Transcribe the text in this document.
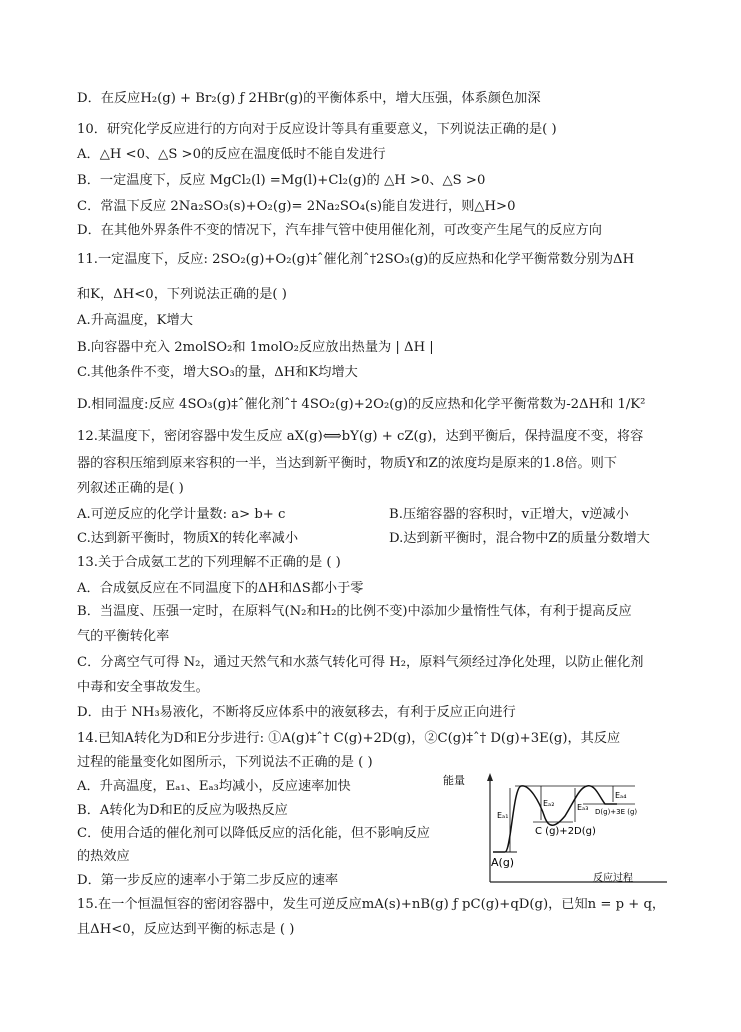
D．在反应H₂(g) + Br₂(g) ƒ 2HBr(g)的平衡体系中，增大压强，体系颜色加深
10．研究化学反应进行的方向对于反应设计等具有重要意义，下列说法正确的是( )
A．△H <0、△S >0的反应在温度低时不能自发进行
B．一定温度下，反应 MgCl₂(l) =Mg(l)+Cl₂(g)的 △H >0、△S >0
C．常温下反应 2Na₂SO₃(s)+O₂(g)= 2Na₂SO₄(s)能自发进行，则△H>0
D．在其他外界条件不变的情况下，汽车排气管中使用催化剂，可改变产生尾气的反应方向
11.一定温度下，反应: 2SO₂(g)+O₂(g)‡ˆ催化剂ˆ†2SO₃(g)的反应热和化学平衡常数分别为ΔH
和K，ΔH<0，下列说法正确的是( )
A.升高温度，K增大
B.向容器中充入 2molSO₂和 1molO₂反应放出热量为 | ΔH |
C.其他条件不变，增大SO₃的量，ΔH和K均增大
D.相同温度:反应 4SO₃(g)‡ˆ催化剂ˆ† 4SO₂(g)+2O₂(g)的反应热和化学平衡常数为-2ΔH和 1/K²
12.某温度下，密闭容器中发生反应 aX(g)⟺bY(g) + cZ(g)，达到平衡后，保持温度不变，将容
器的容积压缩到原来容积的一半，当达到新平衡时，物质Y和Z的浓度均是原来的1.8倍。则下
列叙述正确的是( )
A.可逆反应的化学计量数: a> b+ c
C.达到新平衡时，物质X的转化率减小
13.关于合成氨工艺的下列理解不正确的是 ( )
A．合成氨反应在不同温度下的ΔH和ΔS都小于零
B．当温度、压强一定时，在原料气(N₂和H₂的比例不变)中添加少量惰性气体，有利于提高反应
气的平衡转化率
C．分离空气可得 N₂，通过天然气和水蒸气转化可得 H₂，原料气须经过净化处理，以防止催化剂
中毒和安全事故发生。
D．由于 NH₃易液化，不断将反应体系中的液氨移去，有利于反应正向进行
14.已知A转化为D和E分步进行: ①A(g)‡ˆ† C(g)+2D(g)，②C(g)‡ˆ† D(g)+3E(g)，其反应
过程的能量变化如图所示，下列说法不正确的是 ( )
A．升高温度，Eₐ₁、Eₐ₃均减小，反应速率加快
B．A转化为D和E的反应为吸热反应
C．使用合适的催化剂可以降低反应的活化能，但不影响反应
的热效应
D．第一步反应的速率小于第二步反应的速率
15.在一个恒温恒容的密闭容器中，发生可逆反应mA(s)+nB(g) ƒ pC(g)+qD(g)，已知n = p + q，
且ΔH<0，反应达到平衡的标志是 ( )
B.压缩容器的容积时，v正增大，v逆减小
D.达到新平衡时，混合物中Z的质量分数增大
能量
反应过程
Eₐ₁
Eₐ₂	Eₐ₃
Eₐ₄
A(g)
C (g)+2D(g)
D(g)+3E (g)
